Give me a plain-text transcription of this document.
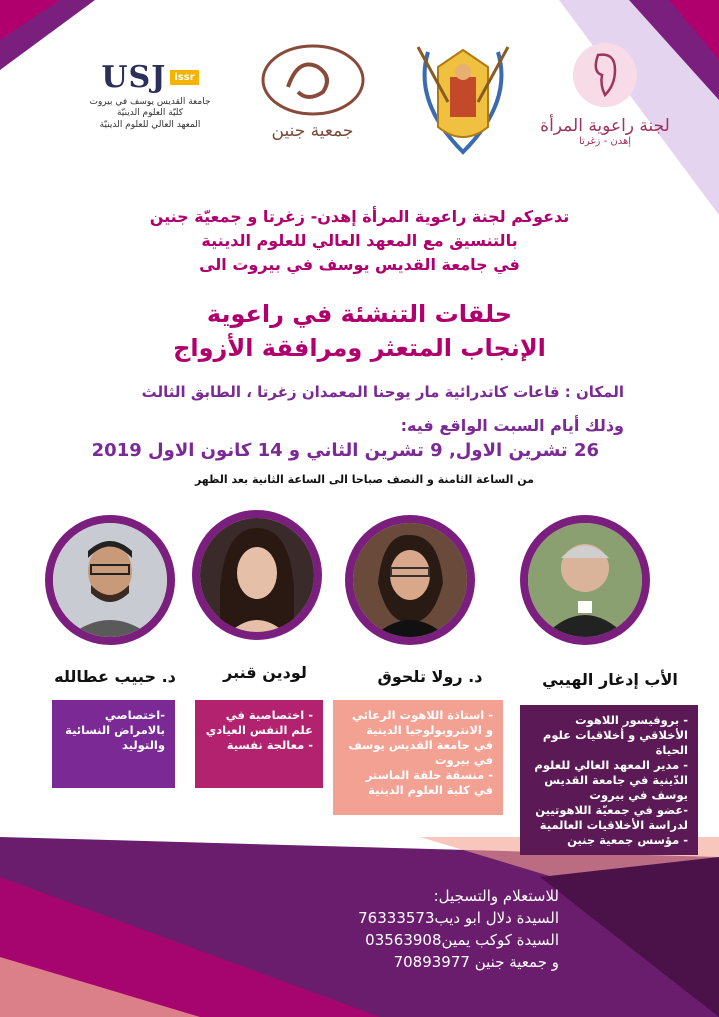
لجنة راعوية المرأة
إهدن - زغرتا
جمعية جنين
USJ issr
جامعة القديس يوسف في بيروت
كليّة العلوم الدينيّة
المعهد العالي للعلوم الدينيّة
تدعوكم لجنة راعوية المرأة إهدن- زغرتا و جمعيّة جنين
بالتنسيق مع المعهد العالي للعلوم الدينية
في جامعة القديس يوسف في بيروت الى
حلقات التنشئة في راعوية
الإنجاب المتعثر ومرافقة الأزواج
المكان : قاعات كاتدرائية مار يوحنا المعمدان زغرتا ، الطابق الثالث
وذلك أيام السبت الواقع فيه:
26 تشرين الاول, 9 تشرين الثاني و 14 كانون الاول 2019
من الساعة الثامنة و النصف صباحا الى الساعة الثانية بعد الظهر
الأب إدغار الهيبي
د. رولا تلحوق
لودين قنبر
د. حبيب عطالله
- بروفيسور اللاهوت الأخلاقي و أخلاقيات علوم الحياة
- مدير المعهد العالي للعلوم الدّينية في جامعة القديس يوسف في بيروت
-عضو في جمعيّة اللاهوتيين لدراسة الأخلاقيات العالمية
- مؤسس جمعية جنين
- استاذة اللاهوت الرعائي و الانتروبولوجيا الدينية في جامعة القديس يوسف في بيروت
- منسقة حلقة الماستر في كلية العلوم الدينية
- اختصاصية في علم النفس العيادي
- معالجة نفسية
-اختصاصي بالامراض النسائية والتوليد
للاستعلام والتسجيل:
السيدة دلال ابو ديب76333573
السيدة كوكب يمين03563908
و جمعية جنين 70893977
